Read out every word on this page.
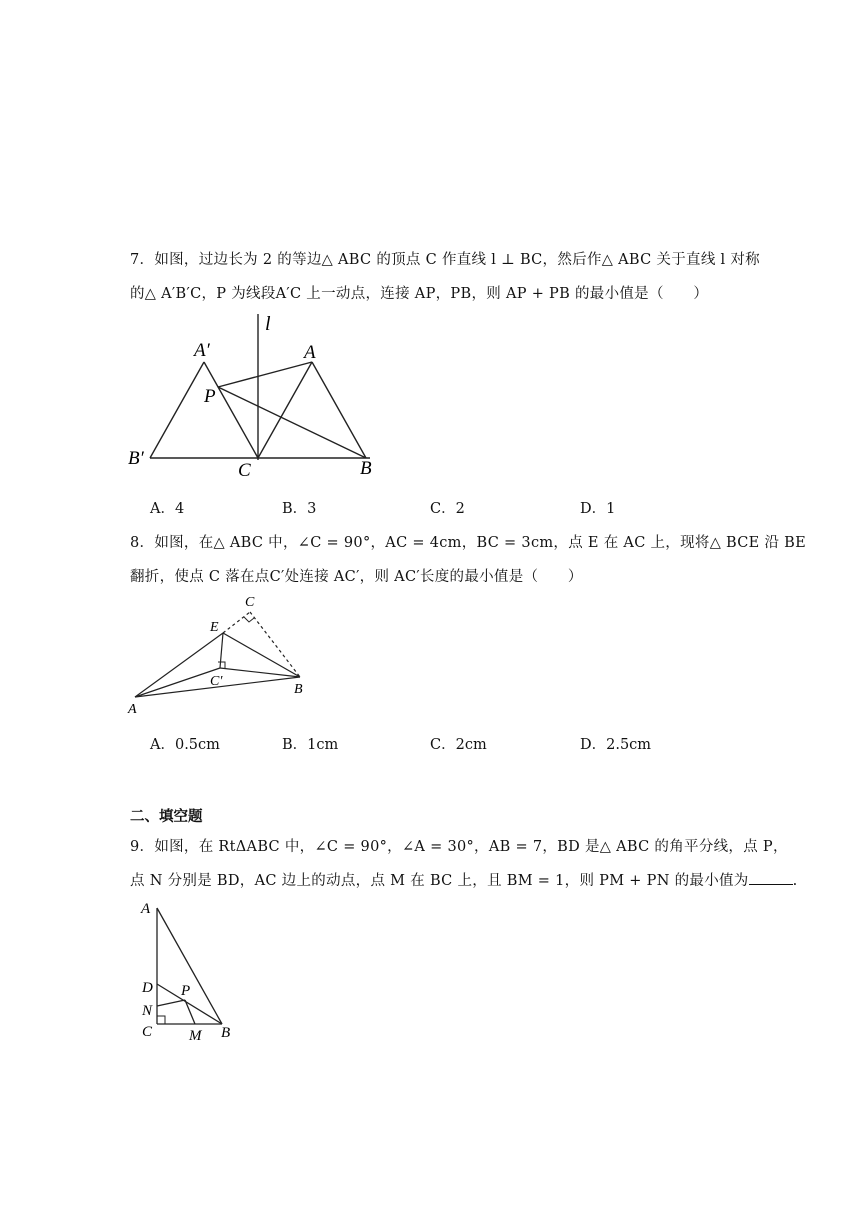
7．如图，过边长为 2 的等边△ ABC 的顶点 C 作直线 l ⊥ BC，然后作△ ABC 关于直线 l 对称
的△ A′B′C，P 为线段A′C 上一动点，连接 AP，PB，则 AP + PB 的最小值是（　　）
l
A′	A
P
B′
C	B
A．4	B．3	C．2	D．1
8．如图，在△ ABC 中，∠C = 90°，AC = 4cm，BC = 3cm，点 E 在 AC 上，现将△ BCE 沿 BE
翻折，使点 C 落在点C′处连接 AC′，则 AC′长度的最小值是（　　）
C
E
C′
B
A
A．0.5cm	B．1cm	C．2cm	D．2.5cm
二、填空题
9．如图，在 RtΔABC 中，∠C = 90°，∠A = 30°，AB = 7，BD 是△ ABC 的角平分线，点 P，
点 N 分别是 BD，AC 边上的动点，点 M 在 BC 上，且 BM = 1，则 PM + PN 的最小值为	.
A
D P
N
C M B
